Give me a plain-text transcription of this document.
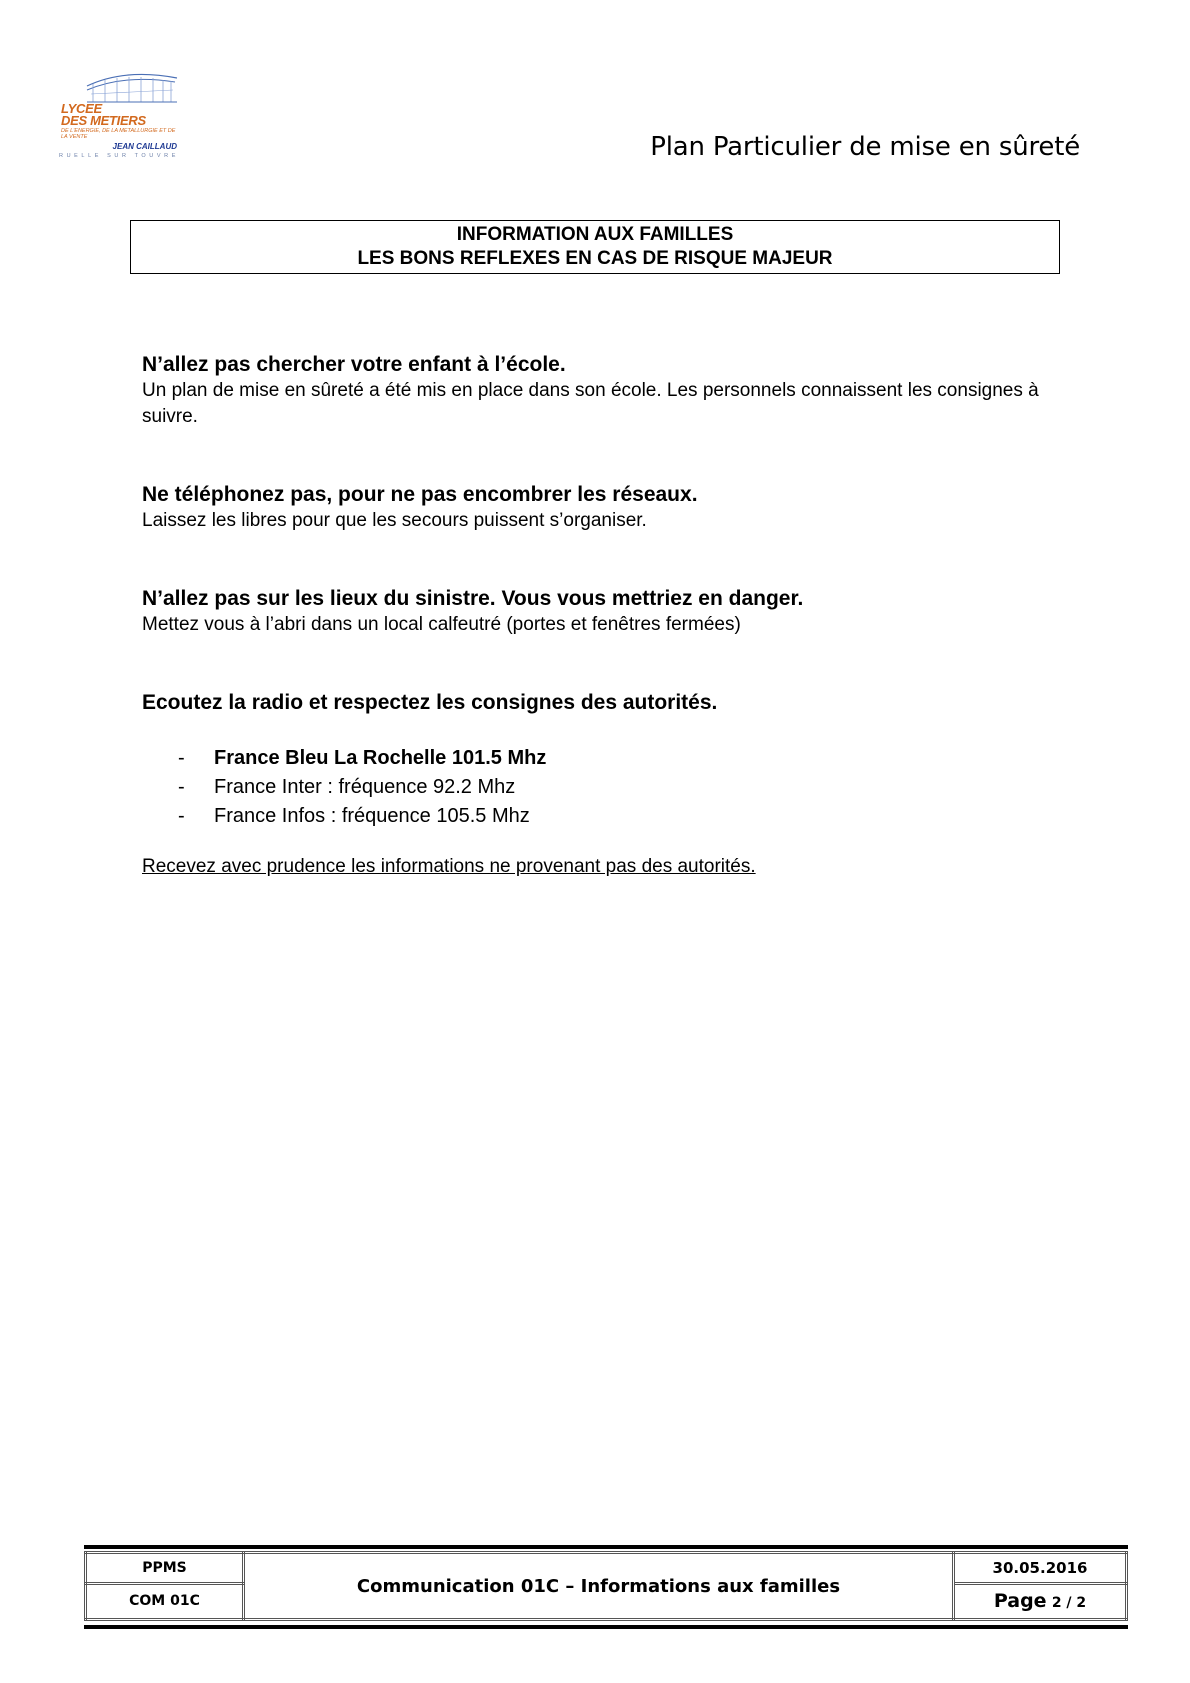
LYCEE
DES METIERS
DE L'ENERGIE, DE LA METALLURGIE ET DE LA VENTE
JEAN CAILLAUD
RUELLE SUR TOUVRE	Plan Particulier de mise en sûreté
INFORMATION AUX FAMILLES
LES BONS REFLEXES EN CAS DE RISQUE MAJEUR
N’allez pas chercher votre enfant à l’école.

Un plan de mise en sûreté a été mis en place dans son école. Les personnels connaissent les consignes à suivre.

Ne téléphonez pas, pour ne pas encombrer les réseaux.

Laissez les libres pour que les secours puissent s’organiser.

N’allez pas sur les lieux du sinistre. Vous vous mettriez en danger.

Mettez vous à l’abri dans un local calfeutré (portes et fenêtres fermées)

Ecoutez la radio et respectez les consignes des autorités.
- France Bleu La Rochelle 101.5 Mhz
- France Inter : fréquence 92.2 Mhz
- France Infos : fréquence 105.5 Mhz
Recevez avec prudence les informations ne provenant pas des autorités.
PPMS	Communication 01C – Informations aux familles	30.05.2016
COM 01C		Page 2 / 2
